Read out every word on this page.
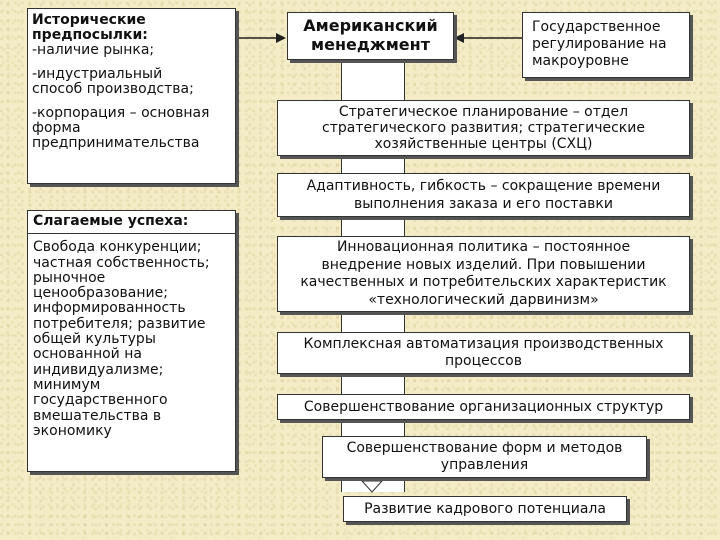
Исторические
предпосылки:
-наличие рынка;
-индустриальный
способ производства;
-корпорация – основная
форма
предпринимательства
Слагаемые успеха:
Свобода конкуренции;
частная собственность;
рыночное
ценообразование;
информированность
потребителя; развитие
общей культуры
основанной на
индивидуализме;
минимум
государственного
вмешательства в
экономику
Американский
менеджмент
Государственное
регулирование на
макроуровне
Стратегическое планирование – отдел
стратегического развития; стратегические
хозяйственные центры (СХЦ)
Адаптивность, гибкость – сокращение времени
выполнения заказа и его поставки
Инновационная политика – постоянное
внедрение новых изделий. При повышении
качественных и потребительских характеристик
«технологический дарвинизм»
Комплексная автоматизация производственных
процессов
Совершенствование организационных структур
Совершенствование форм и методов
управления
Развитие кадрового потенциала
